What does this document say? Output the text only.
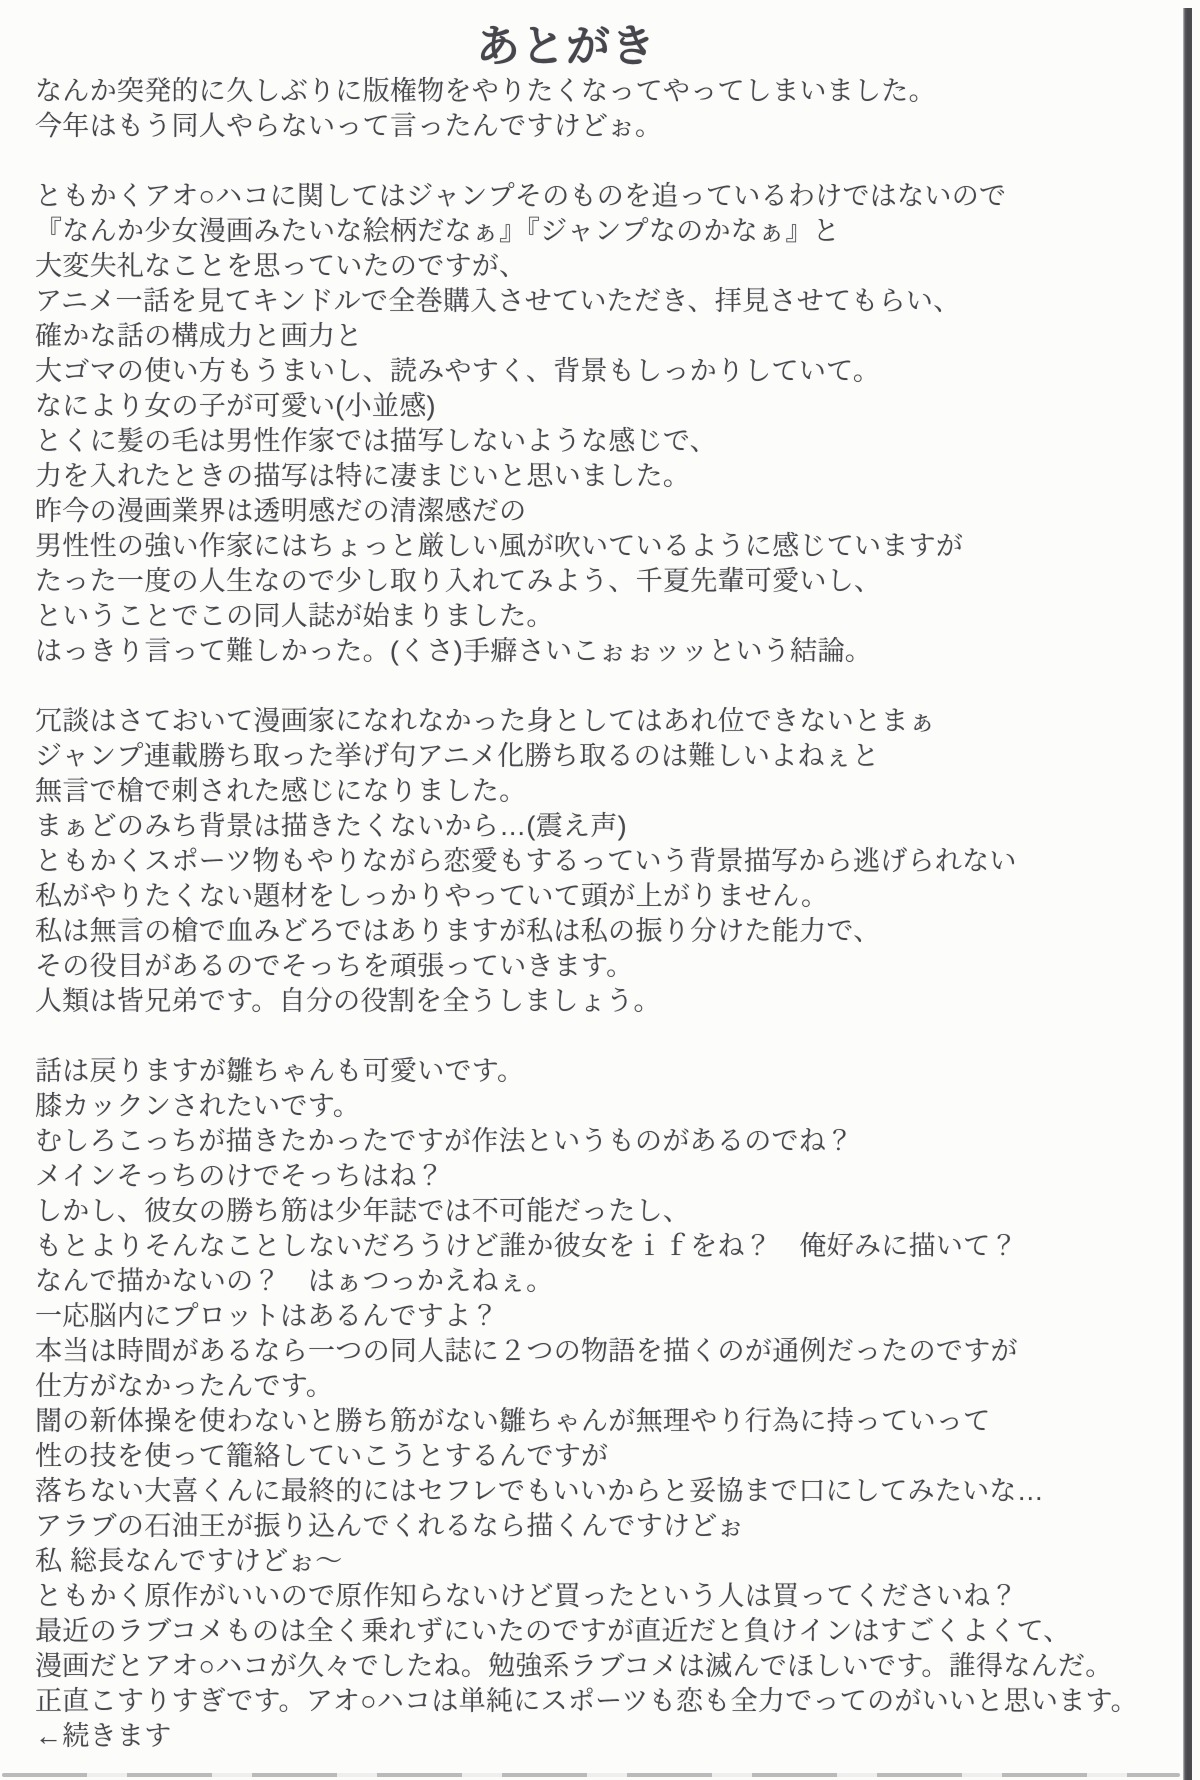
あとがき
なんか突発的に久しぶりに版権物をやりたくなってやってしまいました。
今年はもう同人やらないって言ったんですけどぉ。
ともかくアオ○ハコに関してはジャンプそのものを追っているわけではないので
『なんか少女漫画みたいな絵柄だなぁ』『ジャンプなのかなぁ』と
大変失礼なことを思っていたのですが、
アニメ一話を見てキンドルで全巻購入させていただき、拝見させてもらい、
確かな話の構成力と画力と
大ゴマの使い方もうまいし、読みやすく、背景もしっかりしていて。
なにより女の子が可愛い(小並感)
とくに髪の毛は男性作家では描写しないような感じで、
力を入れたときの描写は特に凄まじいと思いました。
昨今の漫画業界は透明感だの清潔感だの
男性性の強い作家にはちょっと厳しい風が吹いているように感じていますが
たった一度の人生なので少し取り入れてみよう、千夏先輩可愛いし、
ということでこの同人誌が始まりました。
はっきり言って難しかった。(くさ)手癖さいこぉぉッッという結論。
冗談はさておいて漫画家になれなかった身としてはあれ位できないとまぁ
ジャンプ連載勝ち取った挙げ句アニメ化勝ち取るのは難しいよねぇと
無言で槍で刺された感じになりました。
まぁどのみち背景は描きたくないから…(震え声)
ともかくスポーツ物もやりながら恋愛もするっていう背景描写から逃げられない
私がやりたくない題材をしっかりやっていて頭が上がりません。
私は無言の槍で血みどろではありますが私は私の振り分けた能力で、
その役目があるのでそっちを頑張っていきます。
人類は皆兄弟です。自分の役割を全うしましょう。
話は戻りますが雛ちゃんも可愛いです。
膝カックンされたいです。
むしろこっちが描きたかったですが作法というものがあるのでね？
メインそっちのけでそっちはね？
しかし、彼女の勝ち筋は少年誌では不可能だったし、
もとよりそんなことしないだろうけど誰か彼女をｉｆをね？　俺好みに描いて？
なんで描かないの？　はぁつっかえねぇ。
一応脳内にプロットはあるんですよ？
本当は時間があるなら一つの同人誌に２つの物語を描くのが通例だったのですが
仕方がなかったんです。
闇の新体操を使わないと勝ち筋がない雛ちゃんが無理やり行為に持っていって
性の技を使って籠絡していこうとするんですが
落ちない大喜くんに最終的にはセフレでもいいからと妥協まで口にしてみたいな…
アラブの石油王が振り込んでくれるなら描くんですけどぉ
私 総長なんですけどぉ〜
ともかく原作がいいので原作知らないけど買ったという人は買ってくださいね？
最近のラブコメものは全く乗れずにいたのですが直近だと負けインはすごくよくて、
漫画だとアオ○ハコが久々でしたね。勉強系ラブコメは滅んでほしいです。誰得なんだ。
正直こすりすぎです。アオ○ハコは単純にスポーツも恋も全力でってのがいいと思います。
←続きます
